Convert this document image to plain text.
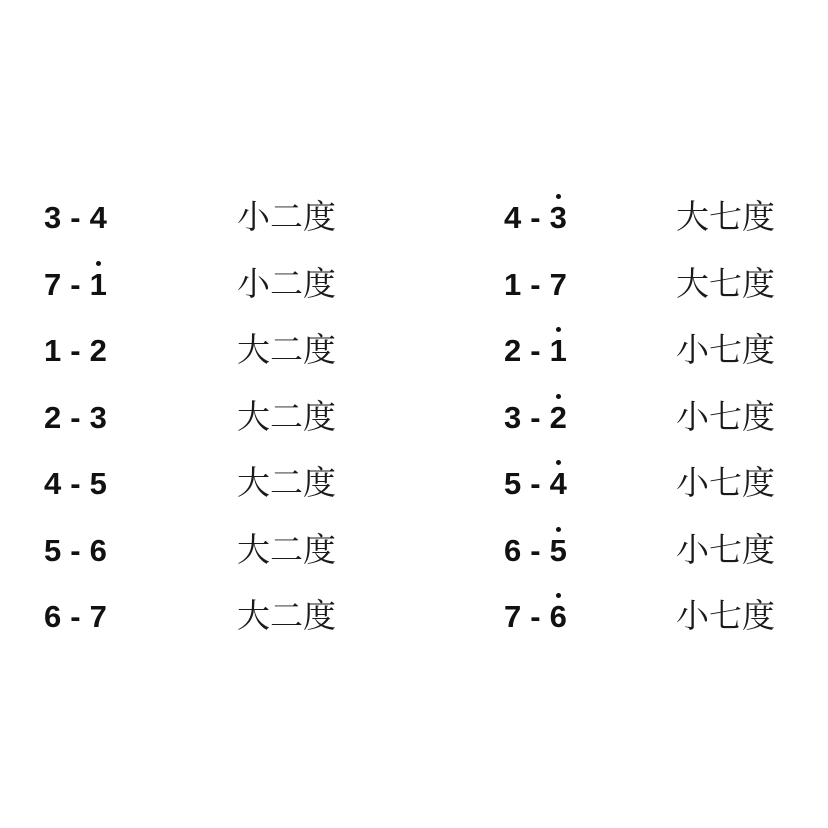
3 - 4	小二度
7 - 1	小二度
1 - 2	大二度
2 - 3	大二度
4 - 5	大二度
5 - 6	大二度
6 - 7	大二度
4 - 3	大七度
1 - 7	大七度
2 - 1	小七度
3 - 2	小七度
5 - 4	小七度
6 - 5	小七度
7 - 6	小七度
